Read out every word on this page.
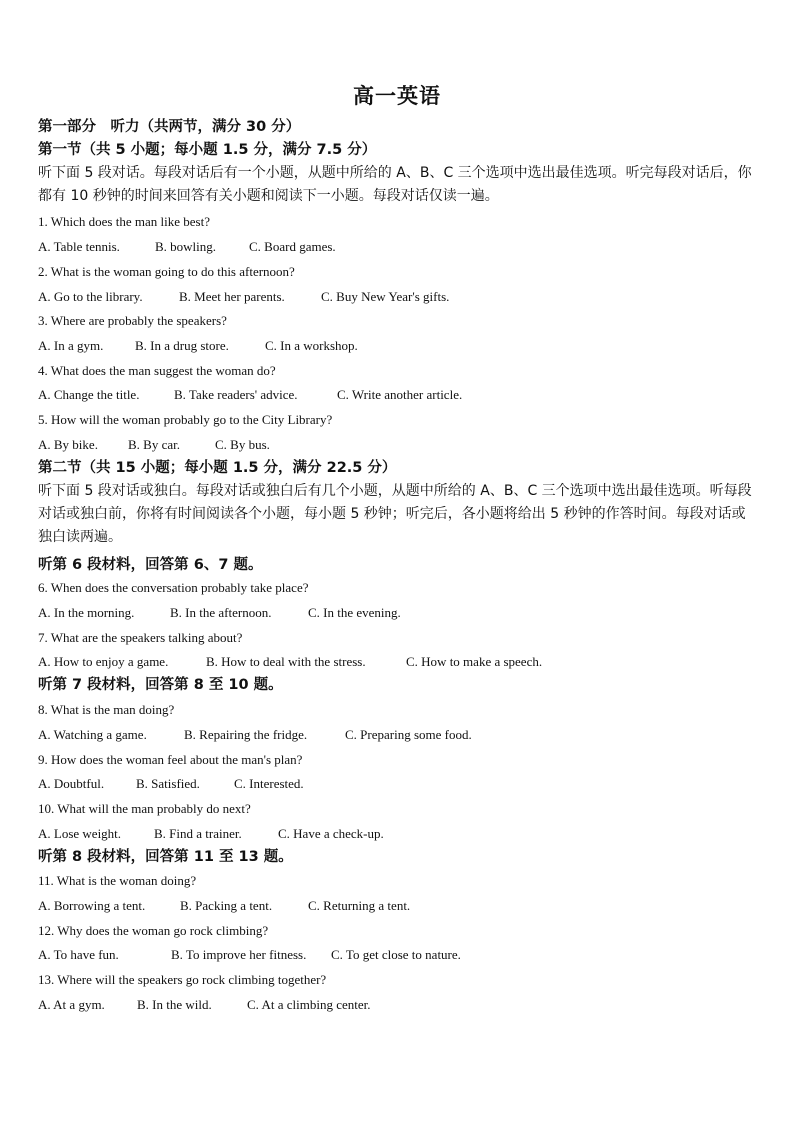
高一英语
第一部分　听力（共两节，满分 30 分）
第一节（共 5 小题；每小题 1.5 分，满分 7.5 分）
听下面 5 段对话。每段对话后有一个小题，从题中所给的 A、B、C 三个选项中选出最佳选项。听完每段对话后，你都有 10 秒钟的时间来回答有关小题和阅读下一小题。每段对话仅读一遍。
1. Which does the man like best?
A. Table tennis.	B. bowling.	C. Board games.
2. What is the woman going to do this afternoon?
A. Go to the library.	B. Meet her parents.	C. Buy New Year's gifts.
3. Where are probably the speakers?
A. In a gym.	B. In a drug store.	C. In a workshop.
4. What does the man suggest the woman do?
A. Change the title.	B. Take readers' advice.	C. Write another article.
5. How will the woman probably go to the City Library?
A. By bike.	B. By car.	C. By bus.
第二节（共 15 小题；每小题 1.5 分，满分 22.5 分）
听下面 5 段对话或独白。每段对话或独白后有几个小题，从题中所给的 A、B、C 三个选项中选出最佳选项。听每段对话或独白前，你将有时间阅读各个小题，每小题 5 秒钟；听完后，各小题将给出 5 秒钟的作答时间。每段对话或独白读两遍。
听第 6 段材料，回答第 6、7 题。
6. When does the conversation probably take place?
A. In the morning.	B. In the afternoon.	C. In the evening.
7. What are the speakers talking about?
A. How to enjoy a game.	B. How to deal with the stress.	C. How to make a speech.
听第 7 段材料，回答第 8 至 10 题。
8. What is the man doing?
A. Watching a game.	B. Repairing the fridge.	C. Preparing some food.
9. How does the woman feel about the man's plan?
A. Doubtful.	B. Satisfied.	C. Interested.
10. What will the man probably do next?
A. Lose weight.	B. Find a trainer.	C. Have a check-up.
听第 8 段材料，回答第 11 至 13 题。
11. What is the woman doing?
A. Borrowing a tent.	B. Packing a tent.	C. Returning a tent.
12. Why does the woman go rock climbing?
A. To have fun.	B. To improve her fitness.	C. To get close to nature.
13. Where will the speakers go rock climbing together?
A. At a gym.	B. In the wild.	C. At a climbing center.
